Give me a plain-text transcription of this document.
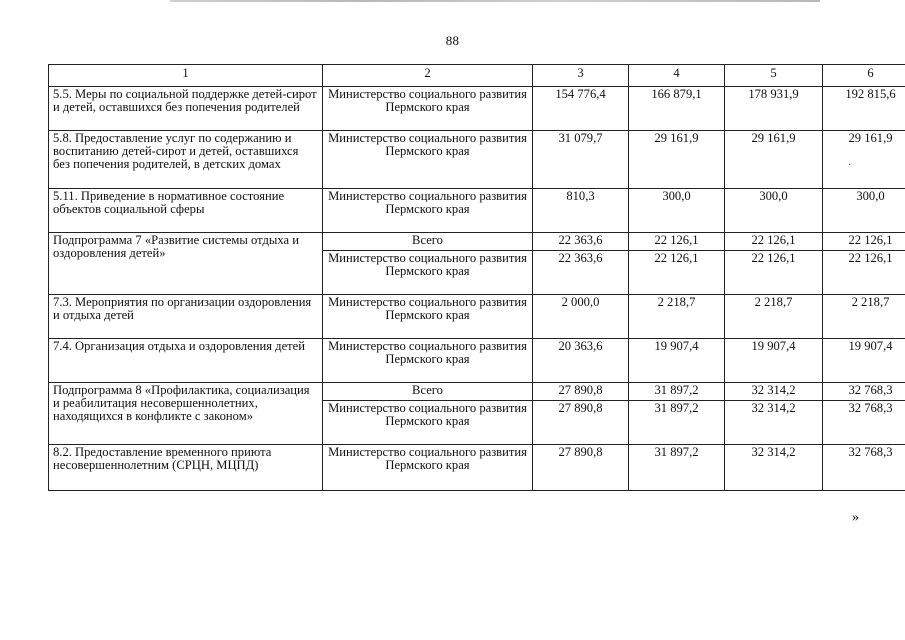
88
1	2	3	4	5	6
5.5. Меры по социальной поддержке детей-сирот и детей, оставшихся без попечения родителей	Министерство социального развития Пермского края	154 776,4	166 879,1	178 931,9	192 815,6
5.8. Предоставление услуг по содержанию и воспитанию детей-сирот и детей, оставшихся без попечения родителей, в детских домах	Министерство социального развития Пермского края	31 079,7	29 161,9	29 161,9	29 161,9
5.11. Приведение в нормативное состояние объектов социальной сферы	Министерство социального развития Пермского края	810,3	300,0	300,0	300,0
Подпрограмма 7 «Развитие системы отдыха и оздоровления детей»	Всего	22 363,6	22 126,1	22 126,1	22 126,1
	Министерство социального развития Пермского края	22 363,6	22 126,1	22 126,1	22 126,1
7.3. Мероприятия по организации оздоровления и отдыха детей	Министерство социального развития Пермского края	2 000,0	2 218,7	2 218,7	2 218,7
7.4. Организация отдыха и оздоровления детей	Министерство социального развития Пермского края	20 363,6	19 907,4	19 907,4	19 907,4
Подпрограмма 8 «Профилактика, социализация и реабилитация несовершеннолетних, находящихся в конфликте с законом»	Всего	27 890,8	31 897,2	32 314,2	32 768,3
	Министерство социального развития Пермского края	27 890,8	31 897,2	32 314,2	32 768,3
8.2. Предоставление временного приюта несовершеннолетним (СРЦН, МЦПД)	Министерство социального развития Пермского края	27 890,8	31 897,2	32 314,2	32 768,3
·
»
